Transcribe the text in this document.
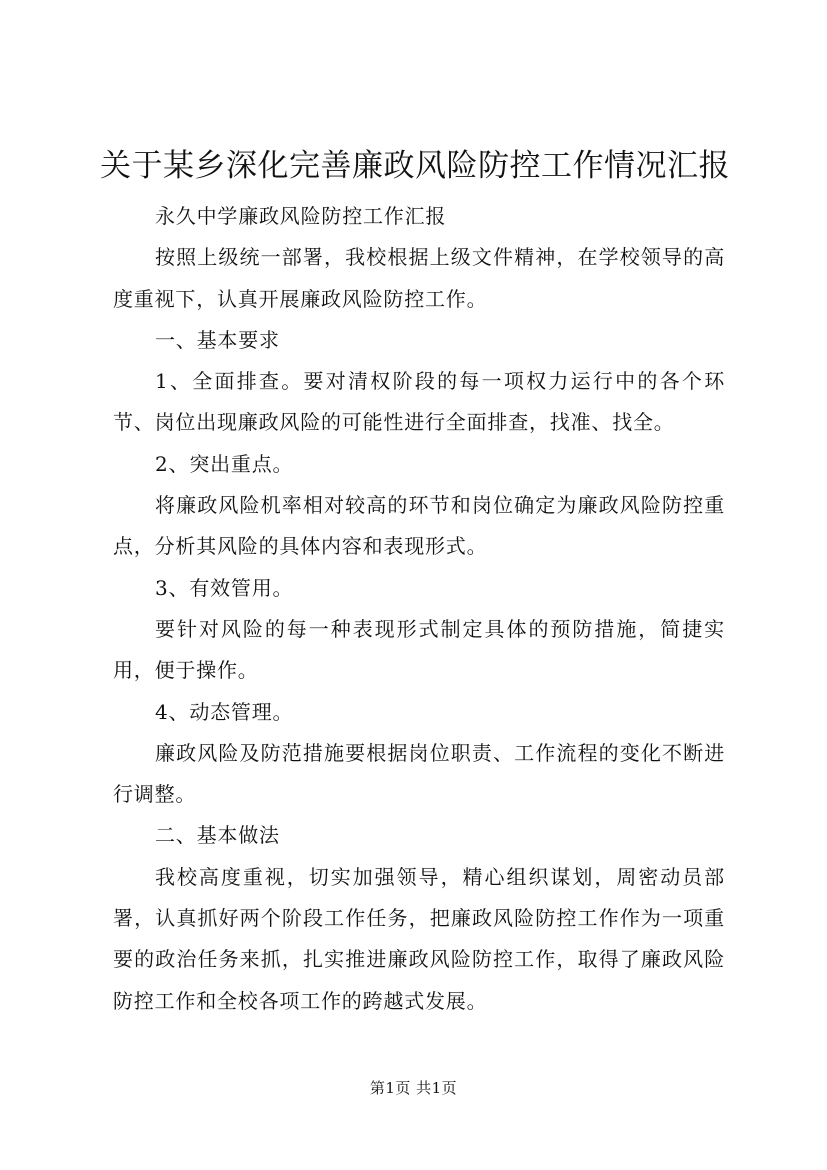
关于某乡深化完善廉政风险防控工作情况汇报

永久中学廉政风险防控工作汇报

按照上级统一部署，我校根据上级文件精神，在学校领导的高度重视下，认真开展廉政风险防控工作。

一、基本要求

1、全面排查。要对清权阶段的每一项权力运行中的各个环节、岗位出现廉政风险的可能性进行全面排查，找准、找全。

2、突出重点。

将廉政风险机率相对较高的环节和岗位确定为廉政风险防控重点，分析其风险的具体内容和表现形式。

3、有效管用。

要针对风险的每一种表现形式制定具体的预防措施，简捷实用，便于操作。

4、动态管理。

廉政风险及防范措施要根据岗位职责、工作流程的变化不断进行调整。

二、基本做法

我校高度重视，切实加强领导，精心组织谋划，周密动员部署，认真抓好两个阶段工作任务，把廉政风险防控工作作为一项重要的政治任务来抓，扎实推进廉政风险防控工作，取得了廉政风险防控工作和全校各项工作的跨越式发展。

第1页 共1页
